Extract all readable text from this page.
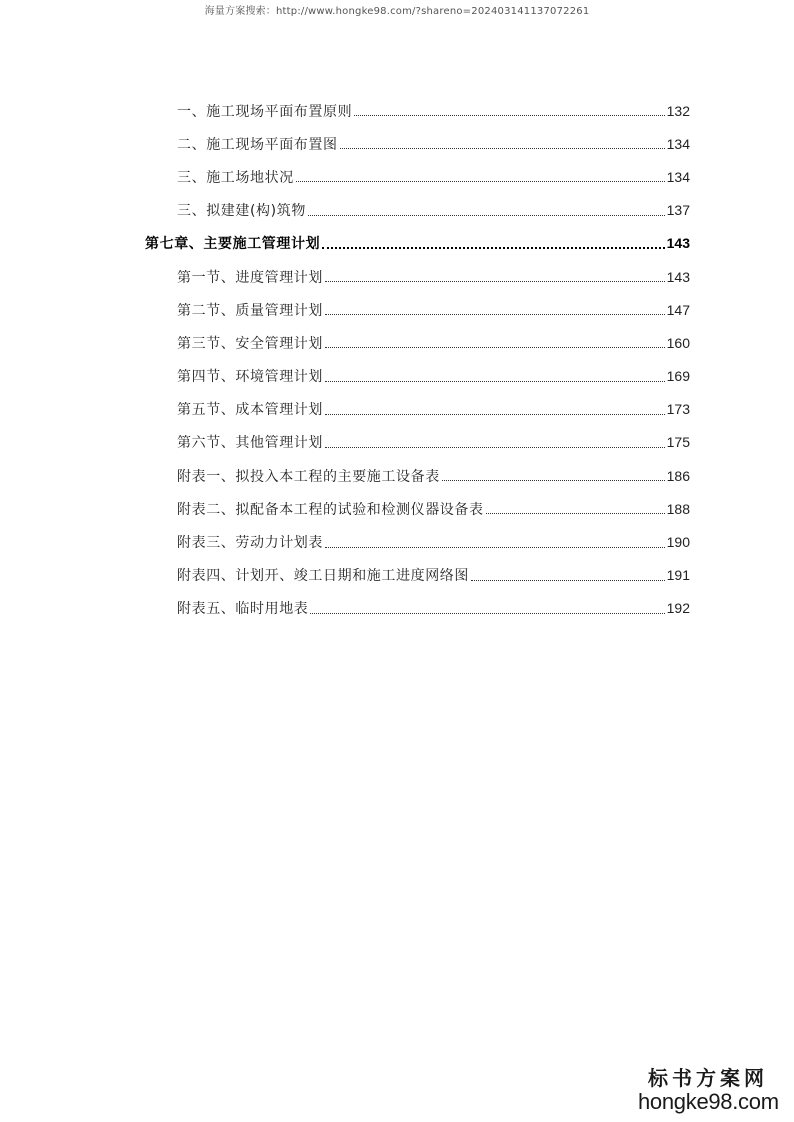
海量方案搜索：http://www.hongke98.com/?shareno=2024031411370722​61
一、施工现场平面布置原则	132
二、施工现场平面布置图	134
三、施工场地状况	134
三、拟建建(构)筑物	137
第七章、主要施工管理计划	143
第一节、进度管理计划	143
第二节、质量管理计划	147
第三节、安全管理计划	160
第四节、环境管理计划	169
第五节、成本管理计划	173
第六节、其他管理计划	175
附表一、拟投入本工程的主要施工设备表	186
附表二、拟配备本工程的试验和检测仪器设备表	188
附表三、劳动力计划表	190
附表四、计划开、竣工日期和施工进度网络图	191
附表五、临时用地表	192
标书方案网
hongke98.com
